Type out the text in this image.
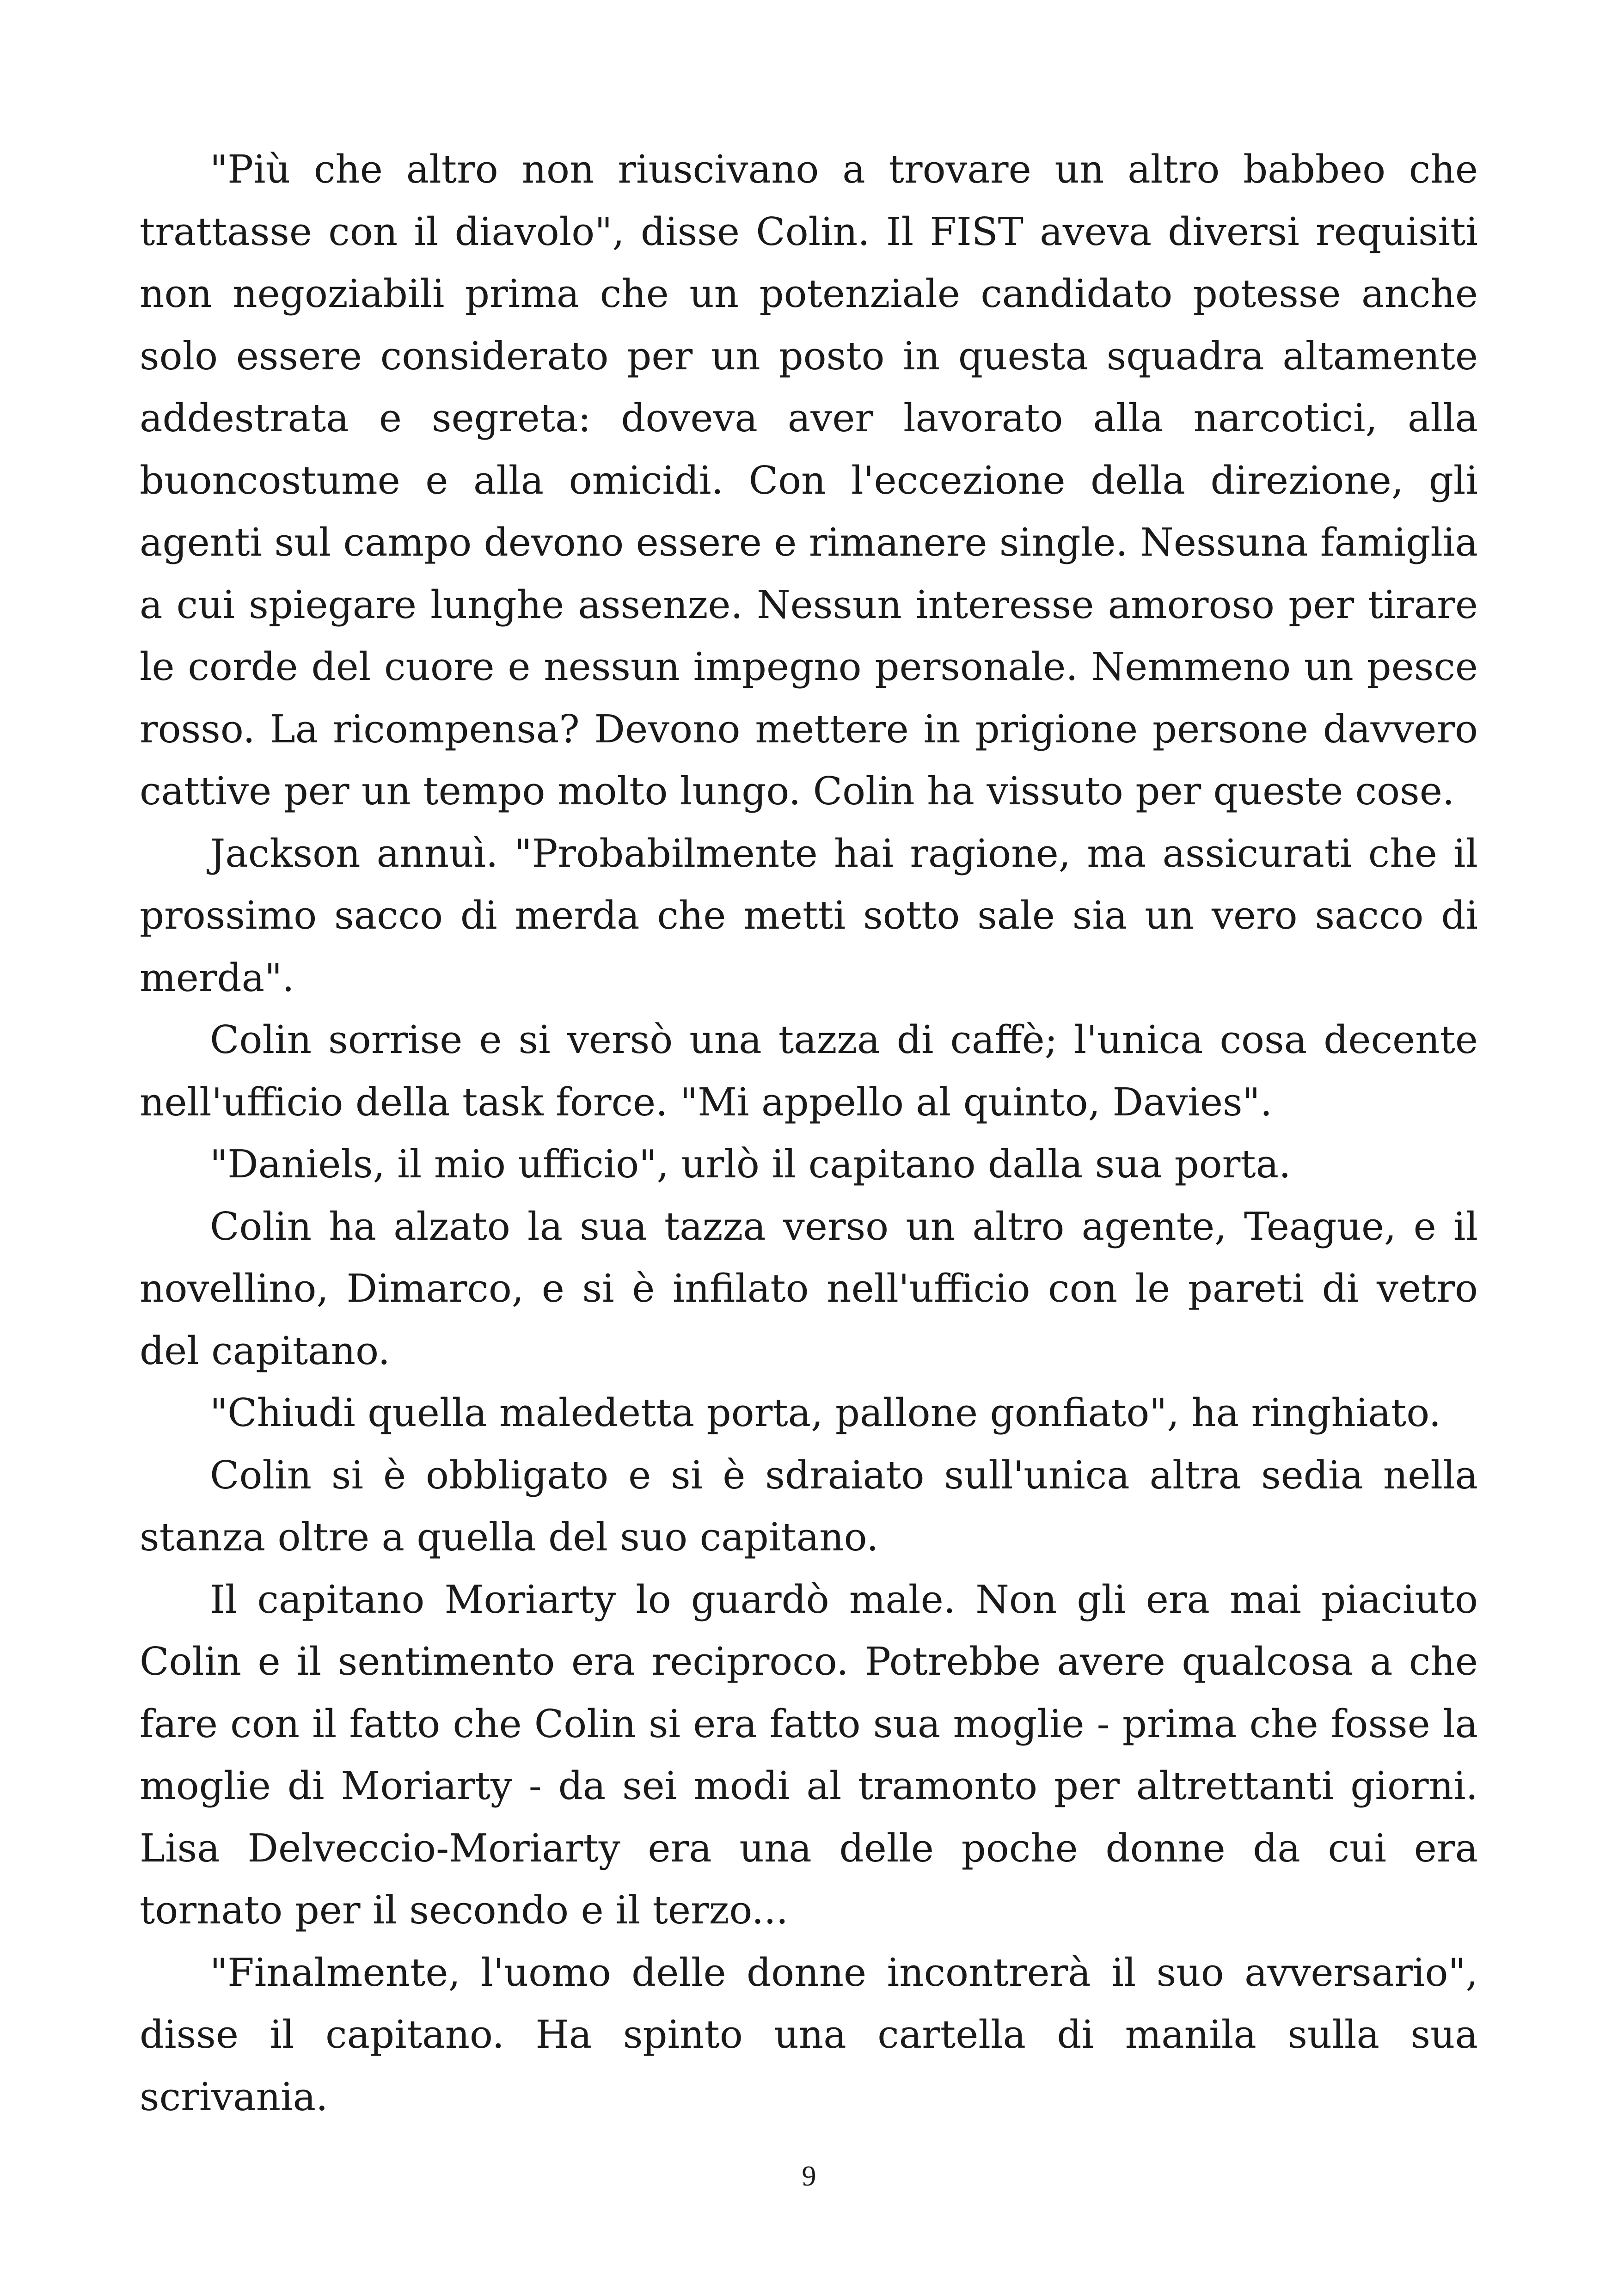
"Più che altro non riuscivano a trovare un altro babbeo che trattasse con il diavolo", disse Colin. Il FIST aveva diversi requisiti non negoziabili prima che un potenziale candidato potesse anche solo essere considerato per un posto in questa squadra altamente addestrata e segreta: doveva aver lavorato alla narcotici, alla buoncostume e alla omicidi. Con l'eccezione della direzione, gli agenti sul campo devono essere e rimanere single. Nessuna famiglia a cui spiegare lunghe assenze. Nessun interesse amoroso per tirare le corde del cuore e nessun impegno personale. Nemmeno un pesce rosso. La ricompensa? Devono mettere in prigione persone davvero cattive per un tempo molto lungo. Colin ha vissuto per queste cose.

Jackson annuì. "Probabilmente hai ragione, ma assicurati che il prossimo sacco di merda che metti sotto sale sia un vero sacco di merda".

Colin sorrise e si versò una tazza di caffè; l'unica cosa decente nell'ufficio della task force. "Mi appello al quinto, Davies".

"Daniels, il mio ufficio", urlò il capitano dalla sua porta.

Colin ha alzato la sua tazza verso un altro agente, Teague, e il novellino, Dimarco, e si è infilato nell'ufficio con le pareti di vetro del capitano.

"Chiudi quella maledetta porta, pallone gonfiato", ha ringhiato.

Colin si è obbligato e si è sdraiato sull'unica altra sedia nella stanza oltre a quella del suo capitano.

Il capitano Moriarty lo guardò male. Non gli era mai piaciuto Colin e il sentimento era reciproco. Potrebbe avere qualcosa a che fare con il fatto che Colin si era fatto sua moglie - prima che fosse la moglie di Moriarty - da sei modi al tramonto per altrettanti giorni. Lisa Delveccio-Moriarty era una delle poche donne da cui era tornato per il secondo e il terzo...

"Finalmente, l'uomo delle donne incontrerà il suo avversario", disse il capitano. Ha spinto una cartella di manila sulla sua scrivania.

9
